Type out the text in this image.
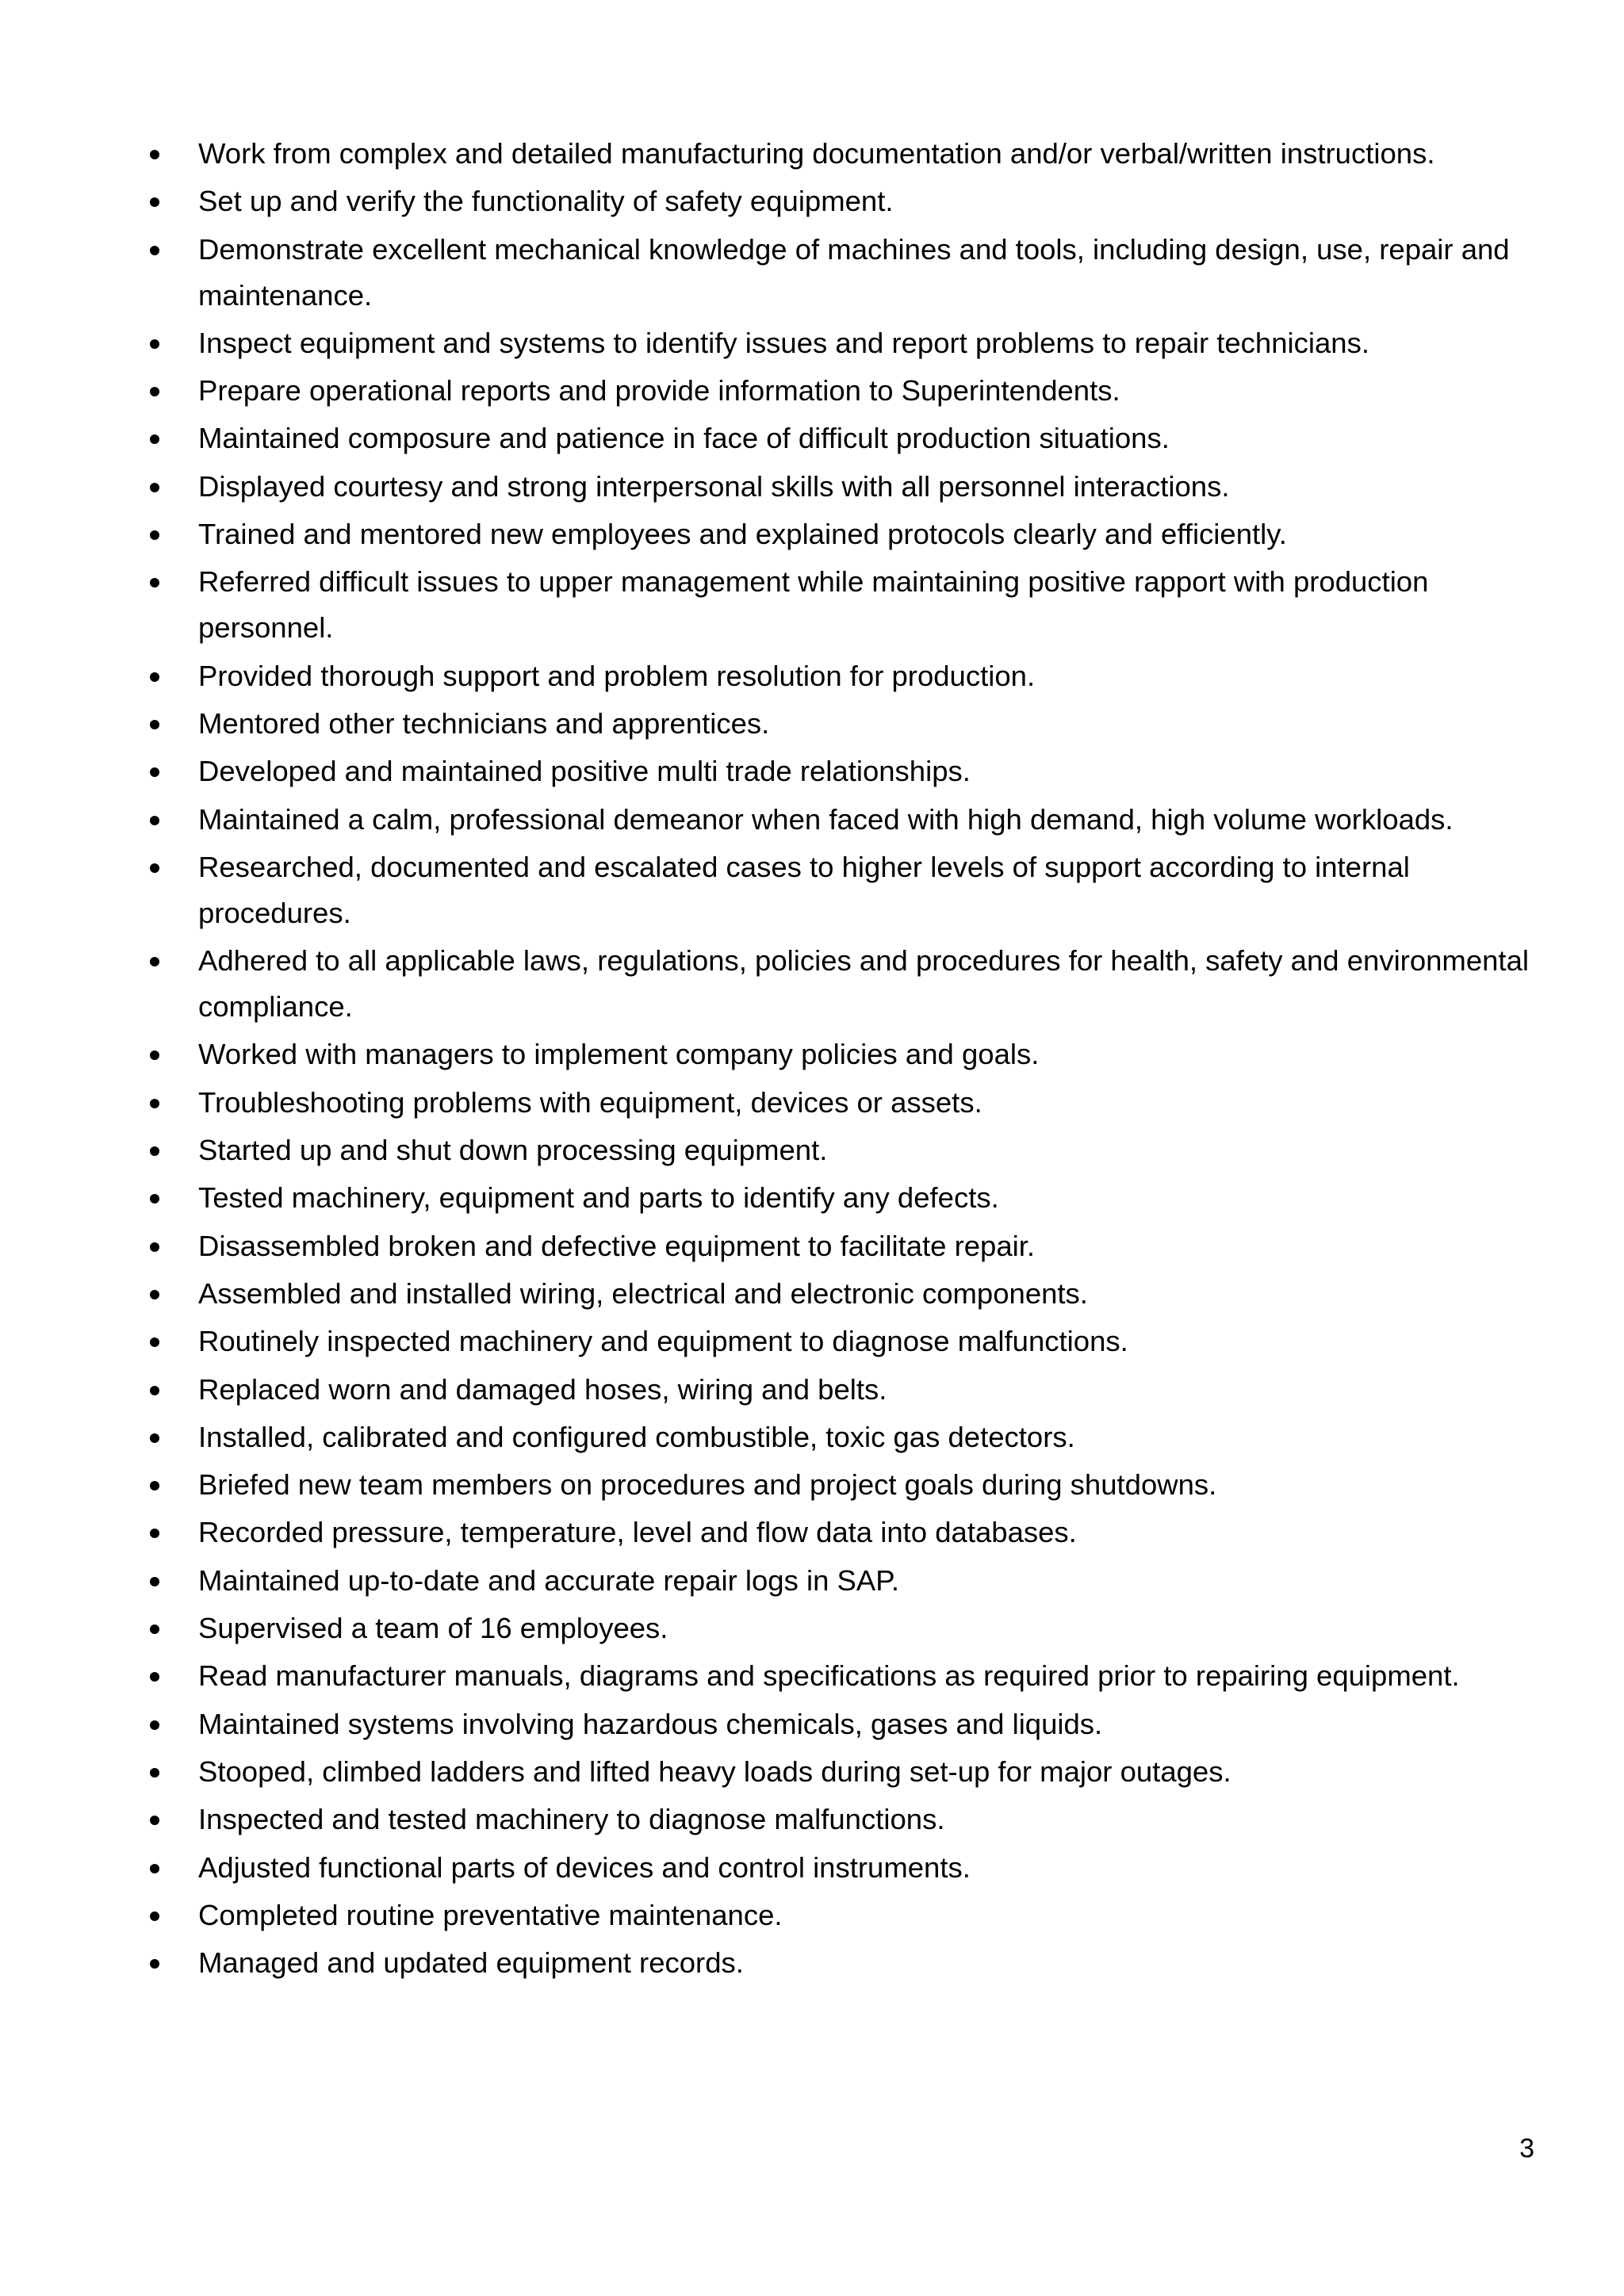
Work from complex and detailed manufacturing documentation and/or verbal/written instructions.
Set up and verify the functionality of safety equipment.
Demonstrate excellent mechanical knowledge of machines and tools, including design, use, repair and maintenance.
Inspect equipment and systems to identify issues and report problems to repair technicians.
Prepare operational reports and provide information to Superintendents.
Maintained composure and patience in face of difficult production situations.
Displayed courtesy and strong interpersonal skills with all personnel interactions.
Trained and mentored new employees and explained protocols clearly and efficiently.
Referred difficult issues to upper management while maintaining positive rapport with production personnel.
Provided thorough support and problem resolution for production.
Mentored other technicians and apprentices.
Developed and maintained positive multi trade relationships.
Maintained a calm, professional demeanor when faced with high demand, high volume workloads.
Researched, documented and escalated cases to higher levels of support according to internal procedures.
Adhered to all applicable laws, regulations, policies and procedures for health, safety and environmental compliance.
Worked with managers to implement company policies and goals.
Troubleshooting problems with equipment, devices or assets.
Started up and shut down processing equipment.
Tested machinery, equipment and parts to identify any defects.
Disassembled broken and defective equipment to facilitate repair.
Assembled and installed wiring, electrical and electronic components.
Routinely inspected machinery and equipment to diagnose malfunctions.
Replaced worn and damaged hoses, wiring and belts.
Installed, calibrated and configured combustible, toxic gas detectors.
Briefed new team members on procedures and project goals during shutdowns.
Recorded pressure, temperature, level and flow data into databases.
Maintained up-to-date and accurate repair logs in SAP.
Supervised a team of 16 employees.
Read manufacturer manuals, diagrams and specifications as required prior to repairing equipment.
Maintained systems involving hazardous chemicals, gases and liquids.
Stooped, climbed ladders and lifted heavy loads during set-up for major outages.
Inspected and tested machinery to diagnose malfunctions.
Adjusted functional parts of devices and control instruments.
Completed routine preventative maintenance.
Managed and updated equipment records.
3
